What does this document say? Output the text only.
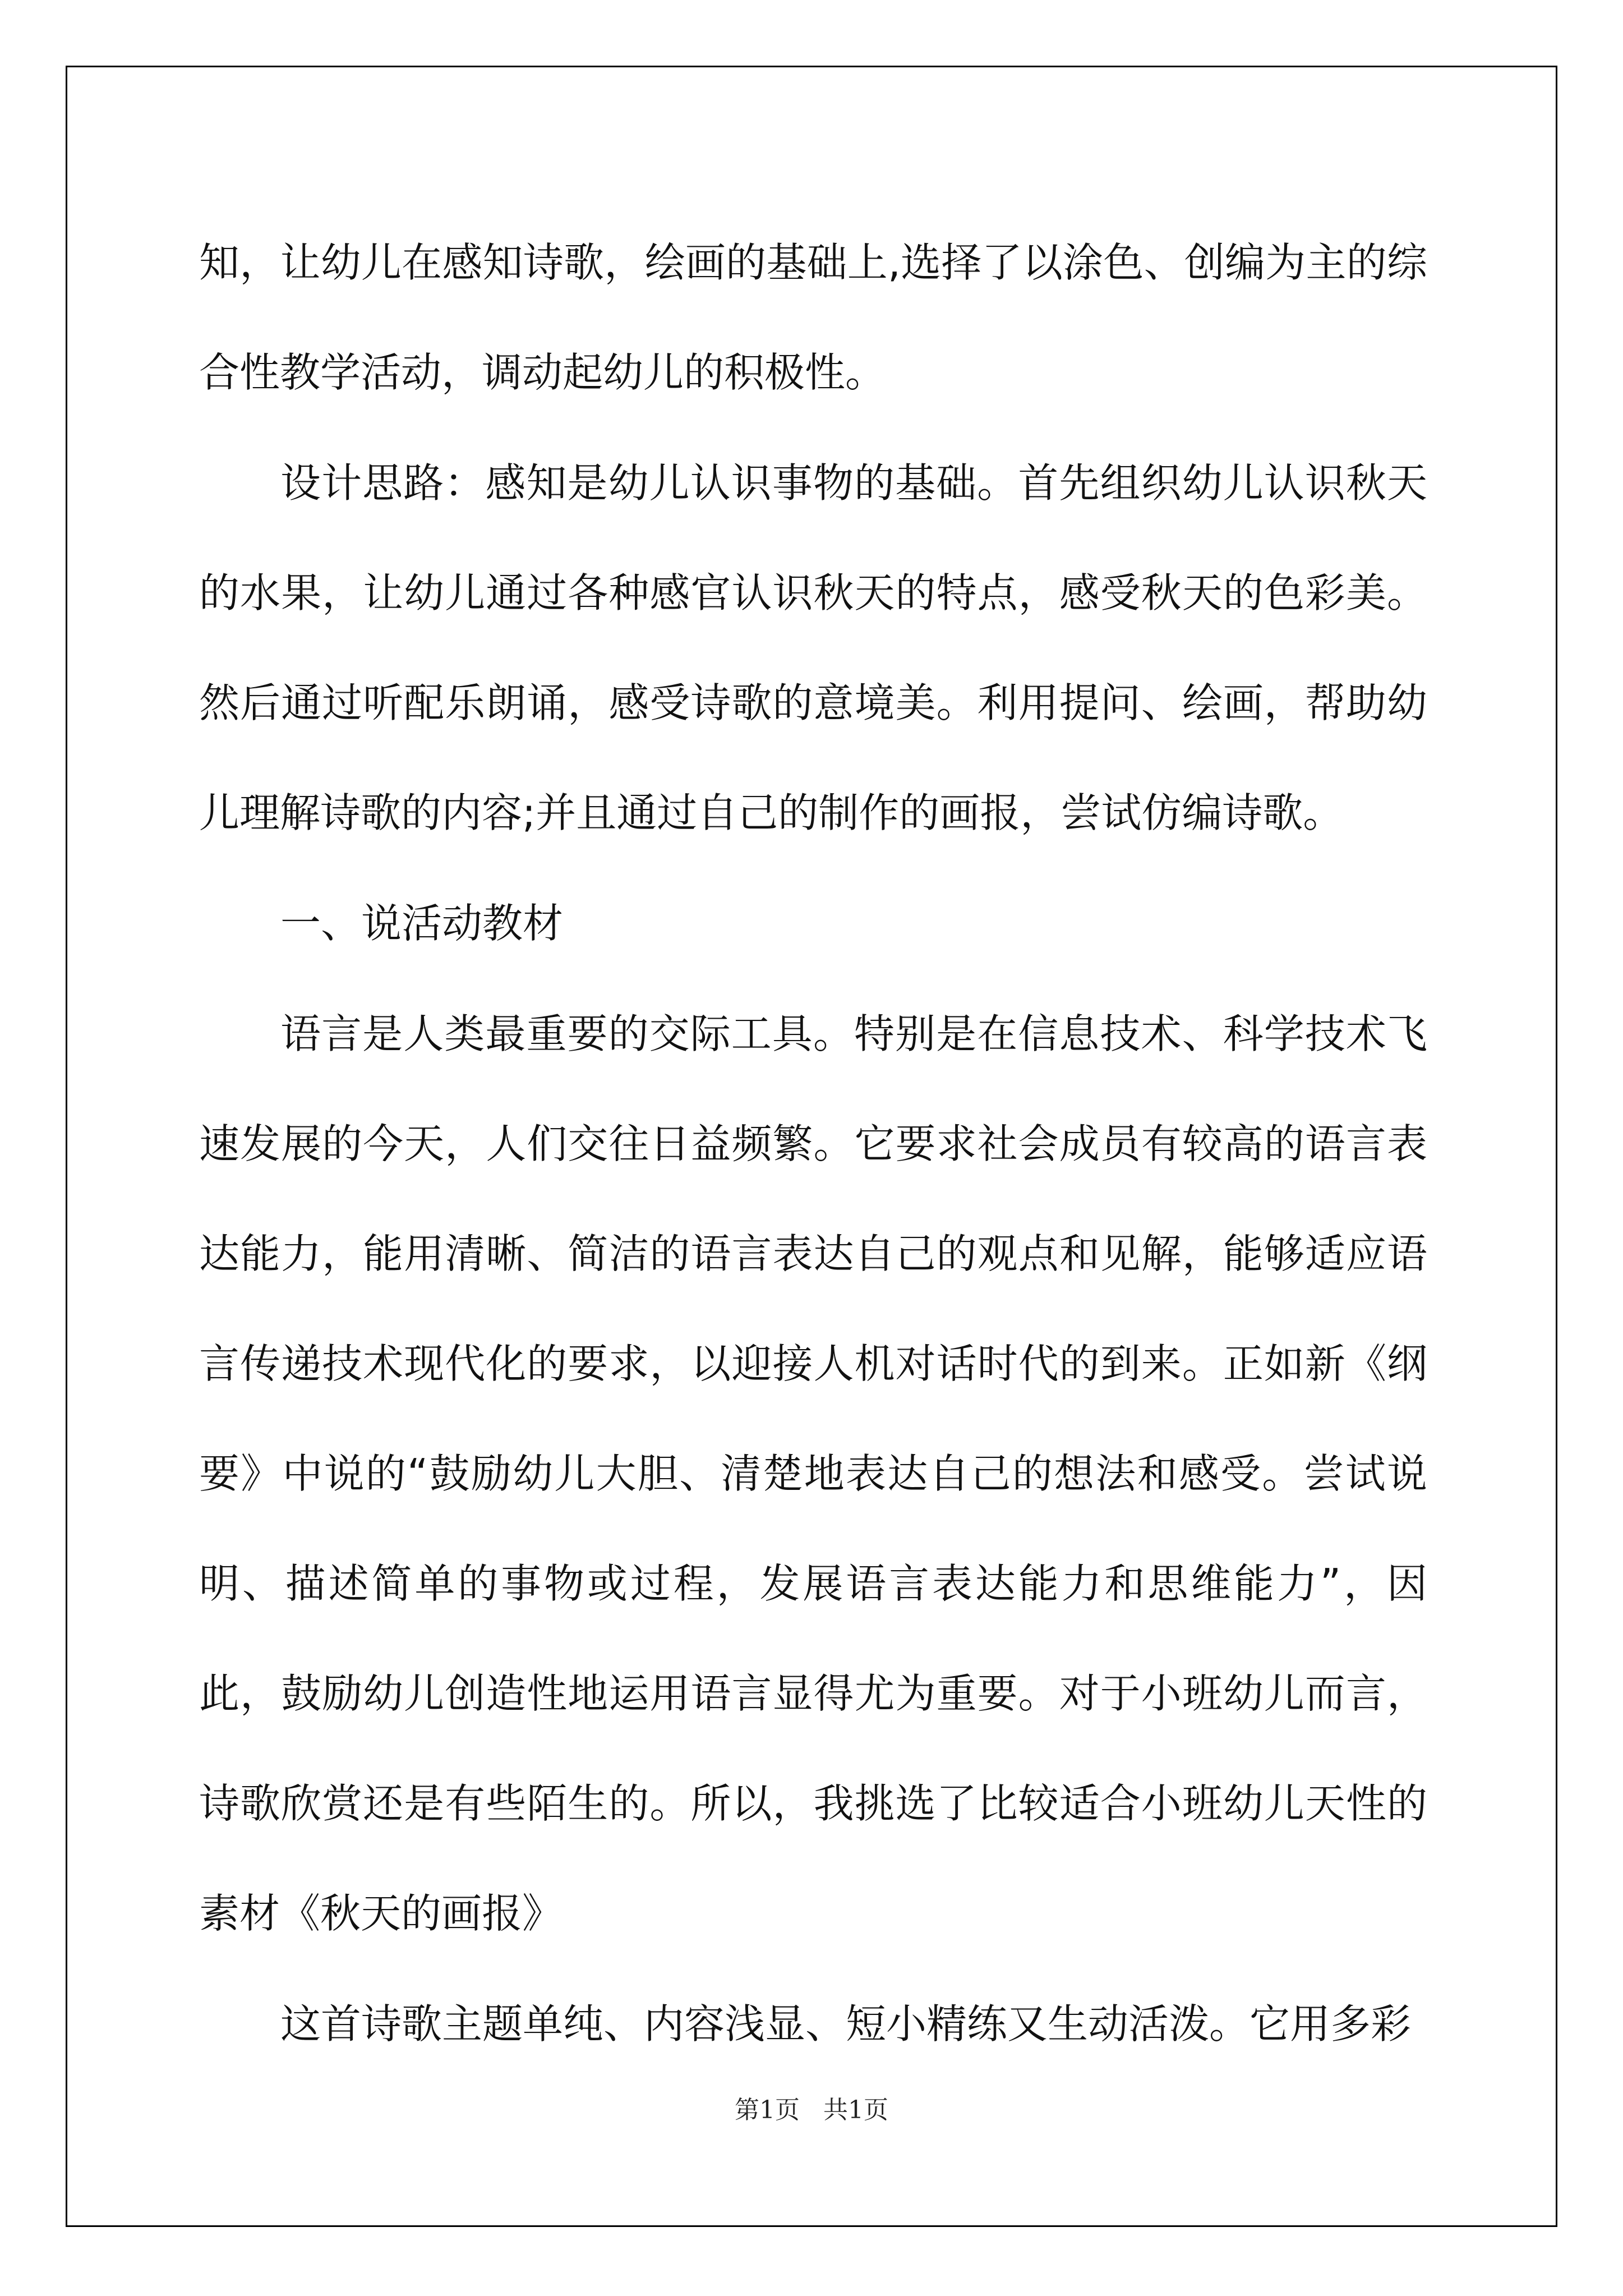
知，让幼儿在感知诗歌，绘画的基础上,选择了以涂色、创编为主的综合性教学活动，调动起幼儿的积极性。

设计思路：感知是幼儿认识事物的基础。首先组织幼儿认识秋天的水果，让幼儿通过各种感官认识秋天的特点，感受秋天的色彩美。然后通过听配乐朗诵，感受诗歌的意境美。利用提问、绘画，帮助幼儿理解诗歌的内容;并且通过自己的制作的画报，尝试仿编诗歌。

一、说活动教材

语言是人类最重要的交际工具。特别是在信息技术、科学技术飞速发展的今天，人们交往日益频繁。它要求社会成员有较高的语言表达能力，能用清晰、简洁的语言表达自己的观点和见解，能够适应语言传递技术现代化的要求，以迎接人机对话时代的到来。正如新《纲要》中说的“鼓励幼儿大胆、清楚地表达自己的想法和感受。尝试说明、描述简单的事物或过程，发展语言表达能力和思维能力”，因此，鼓励幼儿创造性地运用语言显得尤为重要。对于小班幼儿而言，诗歌欣赏还是有些陌生的。所以，我挑选了比较适合小班幼儿天性的素材《秋天的画报》

这首诗歌主题单纯、内容浅显、短小精练又生动活泼。它用多彩

第1页   共1页
